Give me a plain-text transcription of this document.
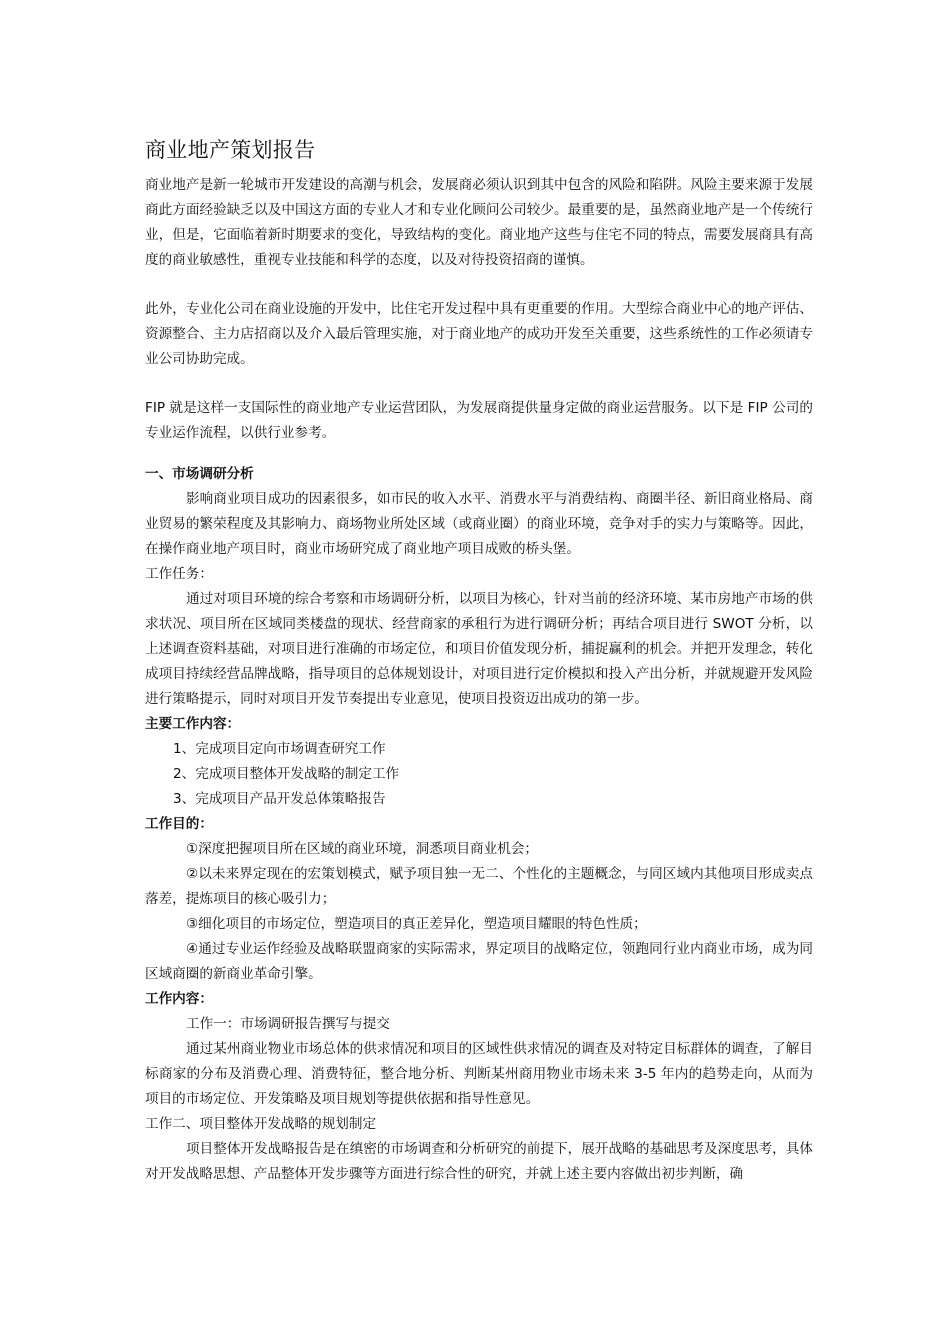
商业地产策划报告

商业地产是新一轮城市开发建设的高潮与机会，发展商必须认识到其中包含的风险和陷阱。风险主要来源于发展商此方面经验缺乏以及中国这方面的专业人才和专业化顾问公司较少。最重要的是，虽然商业地产是一个传统行业，但是，它面临着新时期要求的变化，导致结构的变化。商业地产这些与住宅不同的特点，需要发展商具有高度的商业敏感性，重视专业技能和科学的态度，以及对待投资招商的谨慎。

此外，专业化公司在商业设施的开发中，比住宅开发过程中具有更重要的作用。大型综合商业中心的地产评估、资源整合、主力店招商以及介入最后管理实施，对于商业地产的成功开发至关重要，这些系统性的工作必须请专业公司协助完成。

FIP 就是这样一支国际性的商业地产专业运营团队，为发展商提供量身定做的商业运营服务。以下是 FIP 公司的专业运作流程，以供行业参考。

一、市场调研分析

影响商业项目成功的因素很多，如市民的收入水平、消费水平与消费结构、商圈半径、新旧商业格局、商业贸易的繁荣程度及其影响力、商场物业所处区域（或商业圈）的商业环境，竞争对手的实力与策略等。因此，在操作商业地产项目时，商业市场研究成了商业地产项目成败的桥头堡。

工作任务：

通过对项目环境的综合考察和市场调研分析，以项目为核心，针对当前的经济环境、某市房地产市场的供求状况、项目所在区域同类楼盘的现状、经营商家的承租行为进行调研分析；再结合项目进行 SWOT 分析，以上述调查资料基础，对项目进行准确的市场定位，和项目价值发现分析，捕捉赢利的机会。并把开发理念，转化成项目持续经营品牌战略，指导项目的总体规划设计，对项目进行定价模拟和投入产出分析，并就规避开发风险进行策略提示，同时对项目开发节奏提出专业意见，使项目投资迈出成功的第一步。

主要工作内容：

1、完成项目定向市场调查研究工作

2、完成项目整体开发战略的制定工作

3、完成项目产品开发总体策略报告

工作目的：

①深度把握项目所在区域的商业环境，洞悉项目商业机会；

②以未来界定现在的宏策划模式，赋予项目独一无二、个性化的主题概念，与同区域内其他项目形成卖点落差，提炼项目的核心吸引力；

③细化项目的市场定位，塑造项目的真正差异化，塑造项目耀眼的特色性质；

④通过专业运作经验及战略联盟商家的实际需求，界定项目的战略定位，领跑同行业内商业市场，成为同区域商圈的新商业革命引擎。

工作内容：

工作一：市场调研报告撰写与提交

通过某州商业物业市场总体的供求情况和项目的区域性供求情况的调查及对特定目标群体的调查，了解目标商家的分布及消费心理、消费特征，整合地分析、判断某州商用物业市场未来 3-5 年内的趋势走向，从而为项目的市场定位、开发策略及项目规划等提供依据和指导性意见。

工作二、项目整体开发战略的规划制定

项目整体开发战略报告是在缜密的市场调查和分析研究的前提下，展开战略的基础思考及深度思考，具体对开发战略思想、产品整体开发步骤等方面进行综合性的研究，并就上述主要内容做出初步判断，确
